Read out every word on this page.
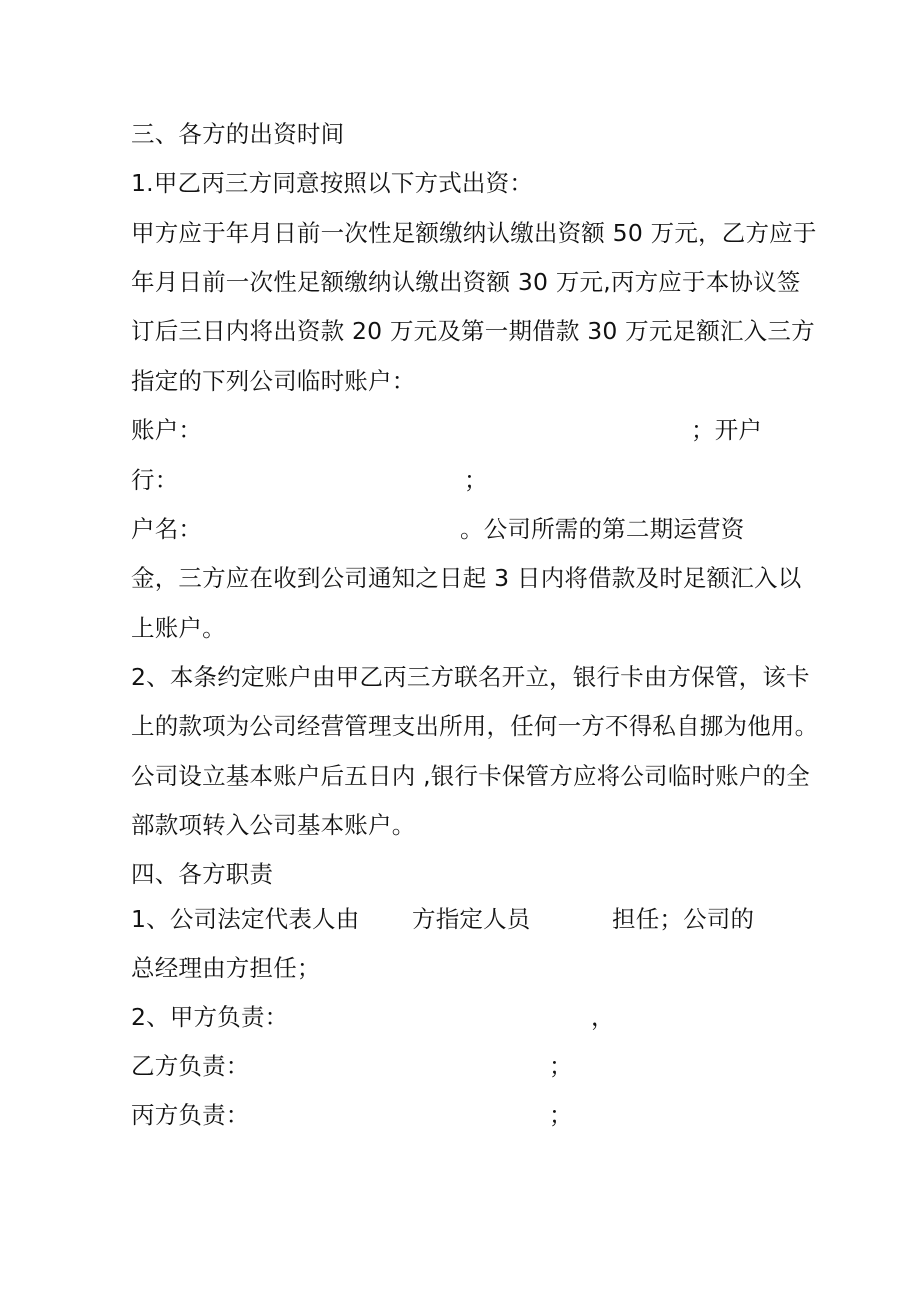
三、各方的出资时间
1.甲乙丙三方同意按照以下方式出资：
甲方应于年月日前一次性足额缴纳认缴出资额 50 万元，乙方应于
年月日前一次性足额缴纳认缴出资额 30 万元,丙方应于本协议签
订后三日内将出资款 20 万元及第一期借款 30 万元足额汇入三方
指定的下列公司临时账户：
账户：	；开户
行：	；
户名：	。公司所需的第二期运营资
金，三方应在收到公司通知之日起 3 日内将借款及时足额汇入以
上账户。
2、本条约定账户由甲乙丙三方联名开立，银行卡由方保管，该卡
上的款项为公司经营管理支出所用，任何一方不得私自挪为他用。
公司设立基本账户后五日内 ,银行卡保管方应将公司临时账户的全
部款项转入公司基本账户。
四、各方职责
1、公司法定代表人由 方指定人员	担任；公司的
总经理由方担任；
2、甲方负责：	，
乙方负责：	；
丙方负责：	；
